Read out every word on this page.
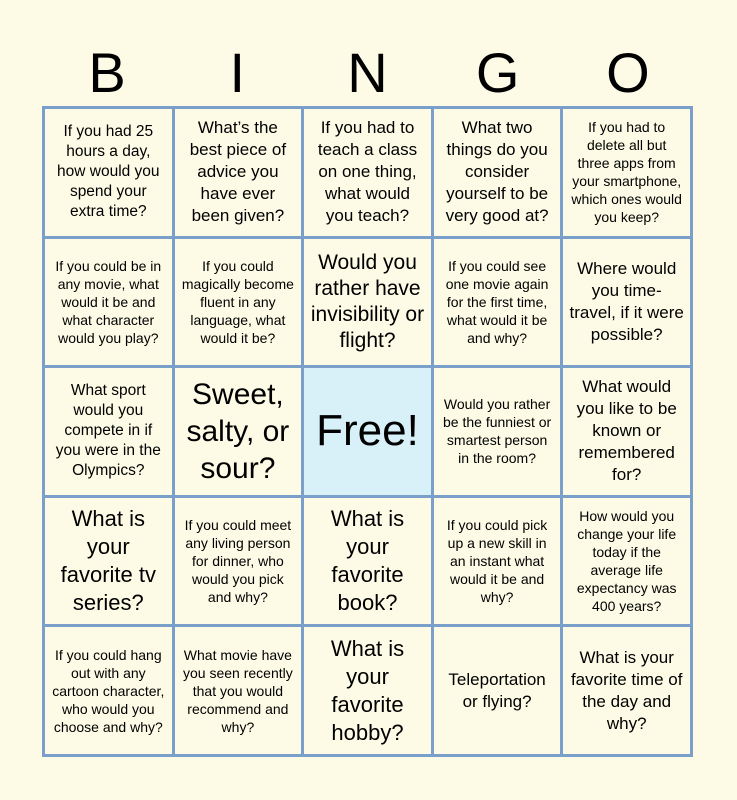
B	I	N	G	O
If you had 25 hours a day, how would you spend your extra time?
What’s the best piece of advice you have ever been given?
If you had to teach a class on one thing, what would you teach?
What two things do you consider yourself to be very good at?
If you had to delete all but three apps from your smartphone, which ones would you keep?
If you could be in any movie, what would it be and what character would you play?
If you could magically become fluent in any language, what would it be?
Would you rather have invisibility or flight?
If you could see one movie again for the first time, what would it be and why?
Where would you time-travel, if it were possible?
What sport would you compete in if you were in the Olympics?
Sweet, salty, or sour?
Free!
Would you rather be the funniest or smartest person in the room?
What would you like to be known or remembered for?
What is your favorite tv series?
If you could meet any living person for dinner, who would you pick and why?
What is your favorite book?
If you could pick up a new skill in an instant what would it be and why?
How would you change your life today if the average life expectancy was 400 years?
If you could hang out with any cartoon character, who would you choose and why?
What movie have you seen recently that you would recommend and why?
What is your favorite hobby?
Teleportation or flying?
What is your favorite time of the day and why?
